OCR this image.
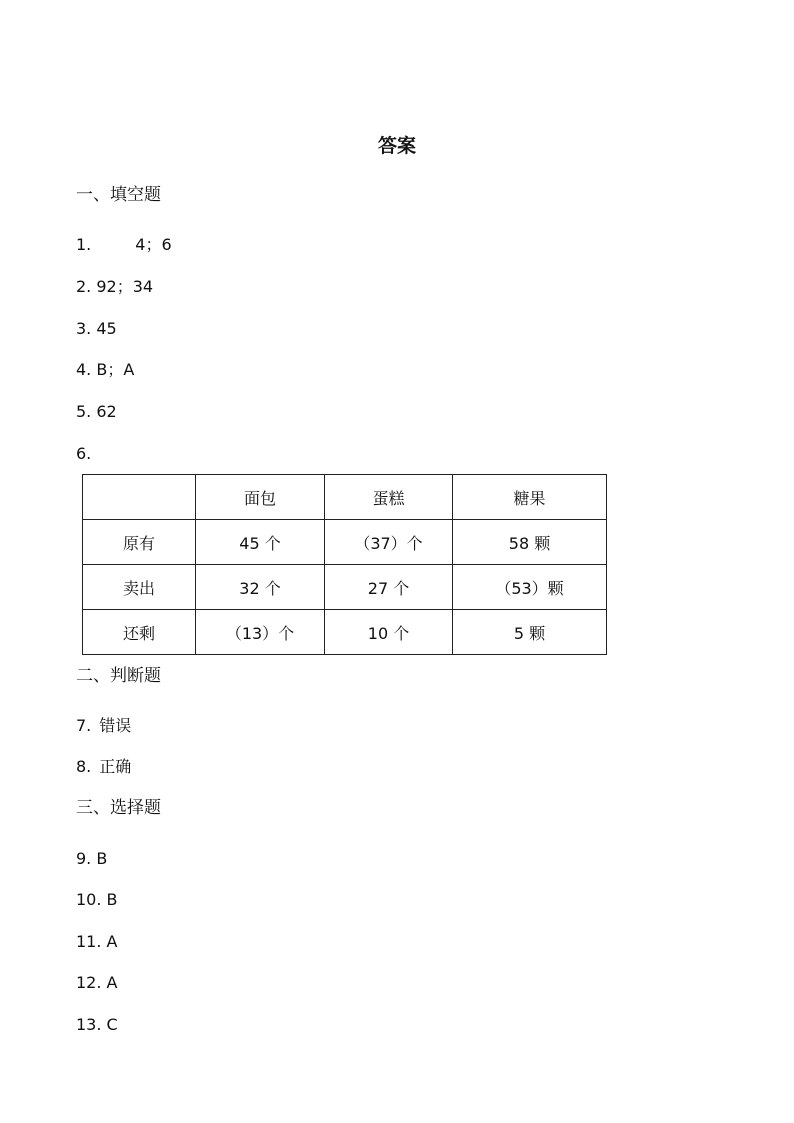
答案
一、填空题
1.	4；6
2. 92；34
3. 45
4. B；A
5. 62
6.
	面包	蛋糕	糖果
原有	45 个	（37）个	58 颗
卖出	32 个	27 个	（53）颗
还剩	（13）个	10 个	5 颗
二、判断题
7. 错误
8. 正确
三、选择题
9. B
10. B
11. A
12. A
13. C
